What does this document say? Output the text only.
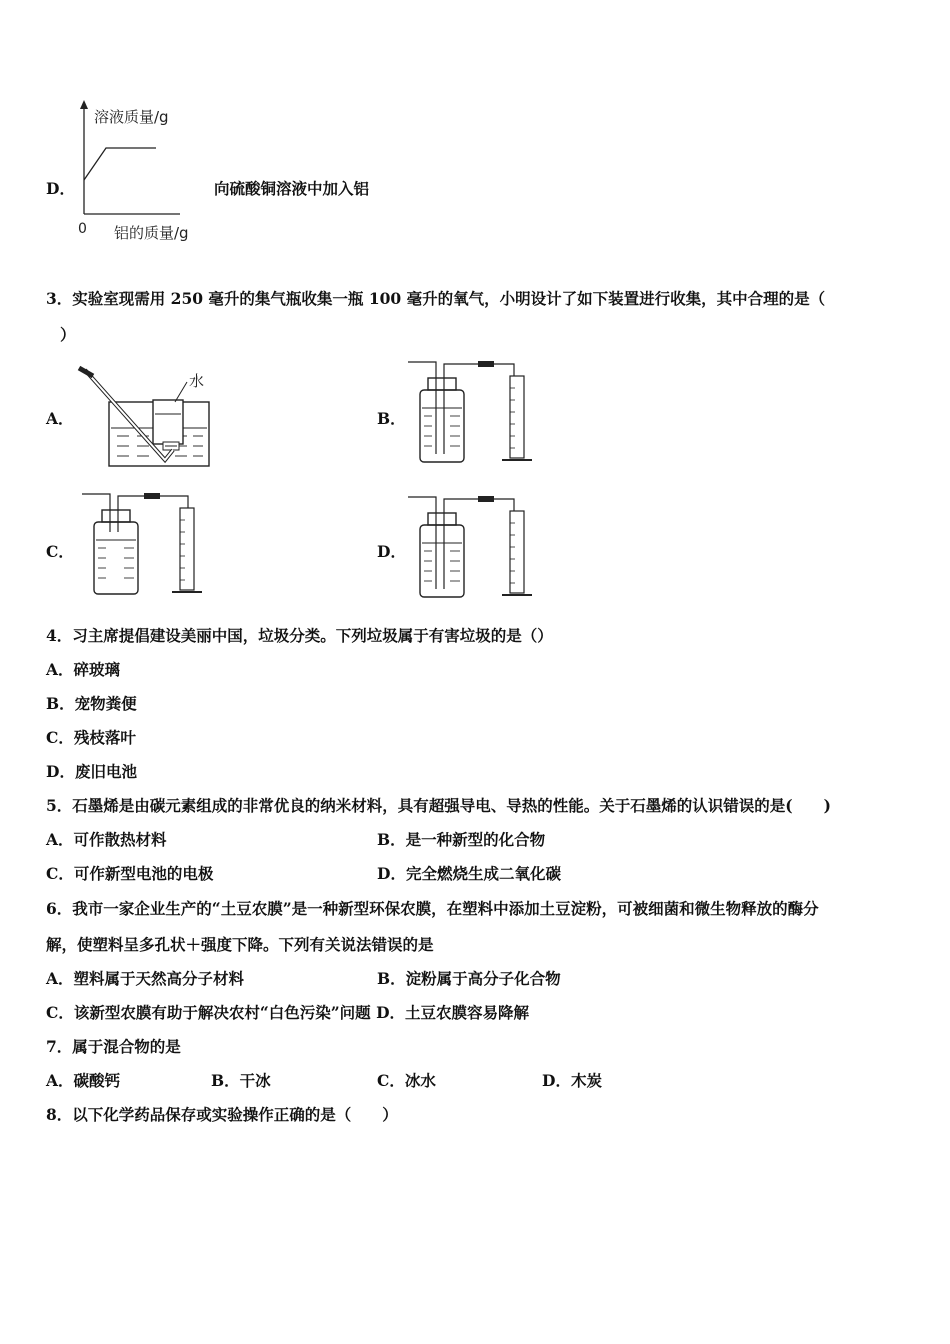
D．
溶液质量/g
0 铝的质量/g
向硫酸铜溶液中加入铝
3．实验室现需用 250 毫升的集气瓶收集一瓶 100 毫升的氧气，小明设计了如下装置进行收集，其中合理的是（
）
A．
水
B．
C．	D．
4．习主席提倡建设美丽中国，垃圾分类。下列垃圾属于有害垃圾的是（）
A．碎玻璃
B．宠物粪便
C．残枝落叶
D．废旧电池
5．石墨烯是由碳元素组成的非常优良的纳米材料，具有超强导电、导热的性能。关于石墨烯的认识错误的是(　　)
A．可作散热材料	B．是一种新型的化合物
C．可作新型电池的电极	D．完全燃烧生成二氧化碳
6．我市一家企业生产的“土豆农膜”是一种新型环保农膜，在塑料中添加土豆淀粉，可被细菌和微生物释放的酶分
解，使塑料呈多孔状＋强度下降。下列有关说法错误的是
A．塑料属于天然高分子材料	B．淀粉属于高分子化合物
C．该新型农膜有助于解决农村“白色污染”问题 D．土豆农膜容易降解
7．属于混合物的是
A．碳酸钙	B．干冰	C．冰水	D．木炭
8．以下化学药品保存或实验操作正确的是（　　）
